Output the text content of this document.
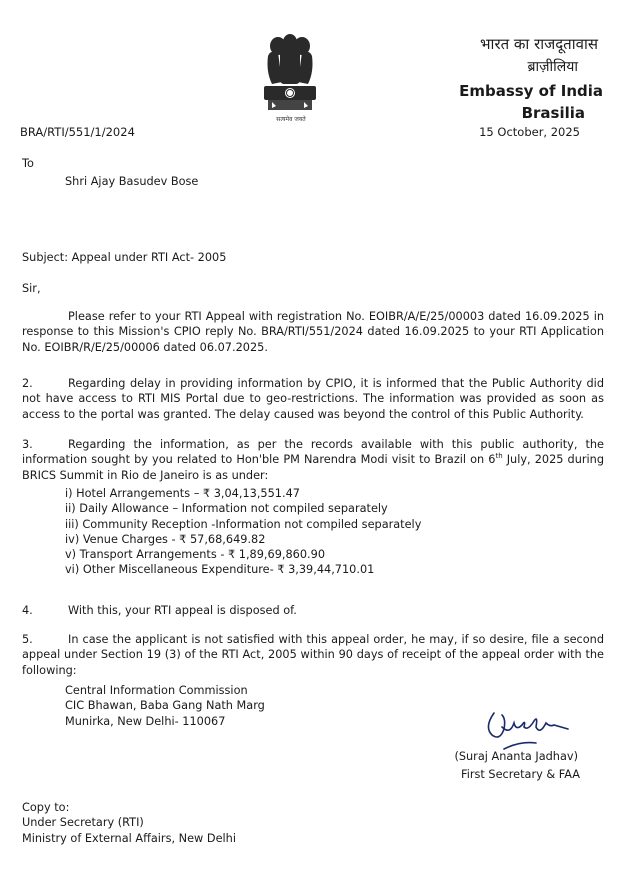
सत्यमेव जयते
भारत का राजदूतावास
ब्राज़ीलिया
Embassy of India
Brasilia
15 October, 2025
BRA/RTI/551/1/2024
To
Shri Ajay Basudev Bose
Subject: Appeal under RTI Act- 2005
Sir,
Please refer to your RTI Appeal with registration No. EOIBR/A/E/25/00003 dated 16.09.2025 in response to this Mission's CPIO reply No. BRA/RTI/551/2024 dated 16.09.2025 to your RTI Application No. EOIBR/R/E/25/00006 dated 06.07.2025.
2.	Regarding delay in providing information by CPIO, it is informed that the Public Authority did not have access to RTI MIS Portal due to geo-restrictions. The information was provided as soon as access to the portal was granted. The delay caused was beyond the control of this Public Authority.
3.	Regarding the information, as per the records available with this public authority, the information sought by you related to Hon'ble PM Narendra Modi visit to Brazil on 6th July, 2025 during BRICS Summit in Rio de Janeiro is as under:
i) Hotel Arrangements – ₹ 3,04,13,551.47
ii) Daily Allowance – Information not compiled separately
iii) Community Reception -Information not compiled separately
iv) Venue Charges - ₹ 57,68,649.82
v) Transport Arrangements - ₹ 1,89,69,860.90
vi) Other Miscellaneous Expenditure- ₹ 3,39,44,710.01
4.	With this, your RTI appeal is disposed of.
5.	In case the applicant is not satisfied with this appeal order, he may, if so desire, file a second appeal under Section 19 (3) of the RTI Act, 2005 within 90 days of receipt of the appeal order with the following:
Central Information Commission
CIC Bhawan, Baba Gang Nath Marg
Munirka, New Delhi- 110067
(Suraj Ananta Jadhav)
First Secretary & FAA
Copy to:
Under Secretary (RTI)
Ministry of External Affairs, New Delhi
